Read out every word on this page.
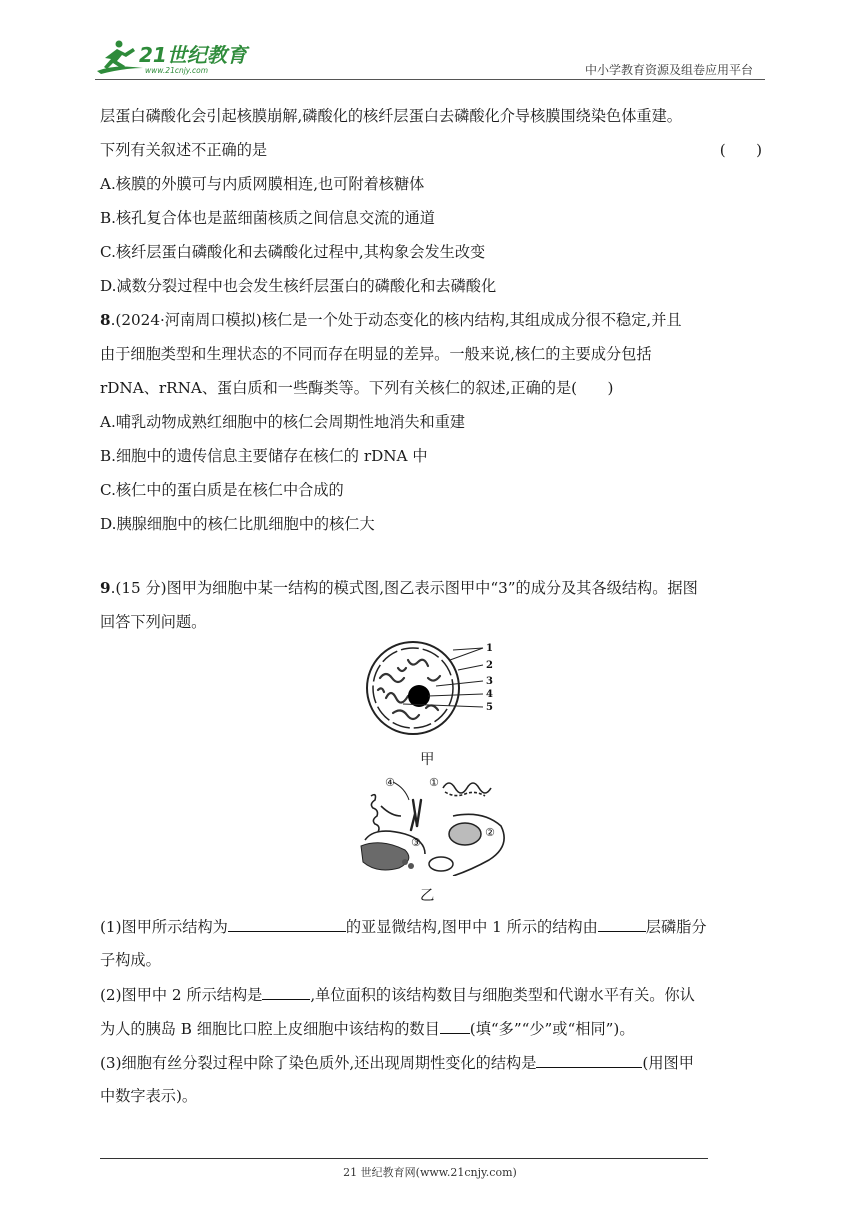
21世纪教育
www.21cnjy.com	中小学教育资源及组卷应用平台
层蛋白磷酸化会引起核膜崩解,磷酸化的核纤层蛋白去磷酸化介导核膜围绕染色体重建。
下列有关叙述不正确的是	(　　)
A.核膜的外膜可与内质网膜相连,也可附着核糖体
B.核孔复合体也是蓝细菌核质之间信息交流的通道
C.核纤层蛋白磷酸化和去磷酸化过程中,其构象会发生改变
D.减数分裂过程中也会发生核纤层蛋白的磷酸化和去磷酸化
8.(2024·河南周口模拟)核仁是一个处于动态变化的核内结构,其组成成分很不稳定,并且
由于细胞类型和生理状态的不同而存在明显的差异。一般来说,核仁的主要成分包括
rDNA、rRNA、蛋白质和一些酶类等。下列有关核仁的叙述,正确的是(　　)
A.哺乳动物成熟红细胞中的核仁会周期性地消失和重建
B.细胞中的遗传信息主要储存在核仁的 rDNA 中
C.核仁中的蛋白质是在核仁中合成的
D.胰腺细胞中的核仁比肌细胞中的核仁大
9.(15 分)图甲为细胞中某一结构的模式图,图乙表示图甲中“3”的成分及其各级结构。据图
回答下列问题。
1
2
3
4
5
甲
④	①
②
③
乙
(1)图甲所示结构为	的亚显微结构,图甲中 1 所示的结构由	层磷脂分
子构成。
(2)图甲中 2 所示结构是	,单位面积的该结构数目与细胞类型和代谢水平有关。你认
为人的胰岛 B 细胞比口腔上皮细胞中该结构的数目 (填“多”“少”或“相同”)。
(3)细胞有丝分裂过程中除了染色质外,还出现周期性变化的结构是	(用图甲
中数字表示)。
21 世纪教育网(www.21cnjy.com)
